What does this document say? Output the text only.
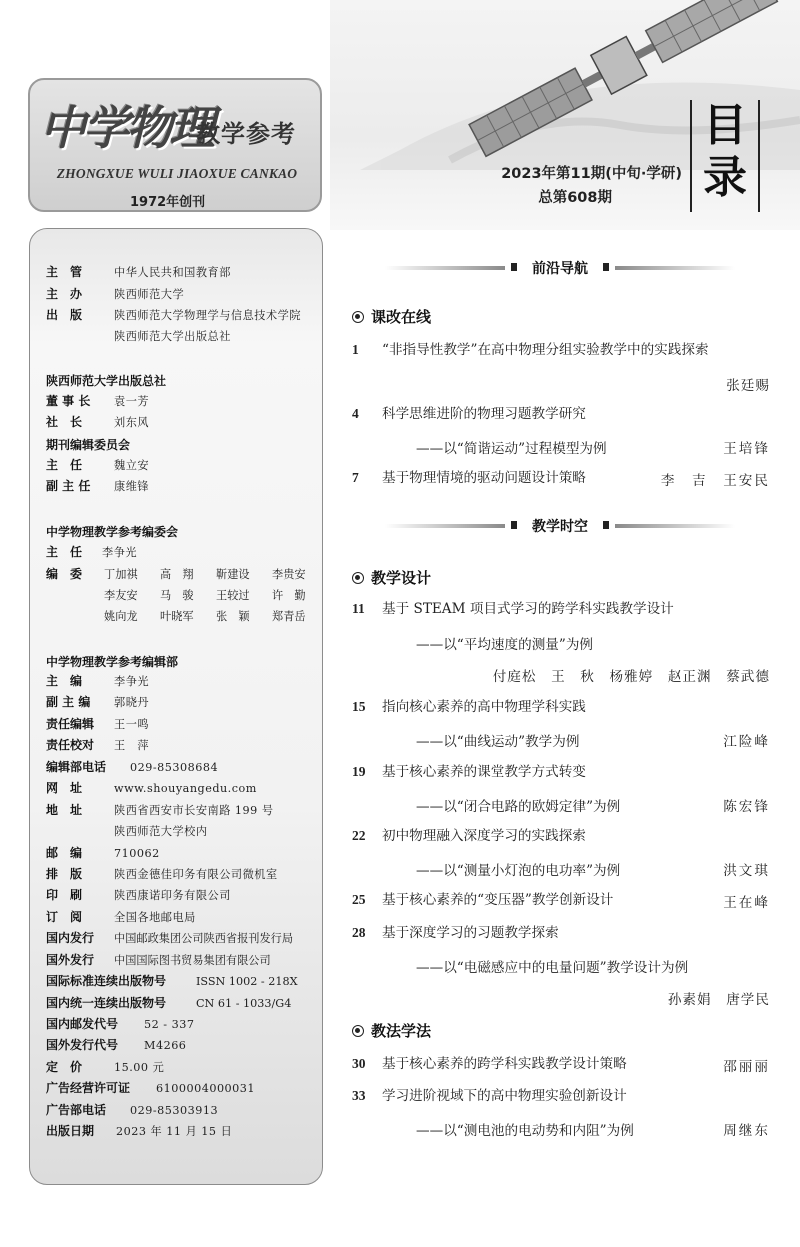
中学物理
教学参考
ZHONGXUE WULI JIAOXUE CANKAO
1972年创刊
2023年第11期(中旬·学研)
总第608期
目
录
主　管	中华人民共和国教育部
主　办	陕西师范大学
出　版	陕西师范大学物理学与信息技术学院
陕西师范大学出版总社
陕西师范大学出版总社
董 事 长 袁一芳
社　长	刘东风
期刊编辑委员会
主　任	魏立安
副 主 任 康维锋
中学物理教学参考编委会
主　任 李争光
编　委	丁加祺 高　翔 靳建设 李贵安
李友安 马　骏 王较过 许　勤
姚向龙 叶晓军 张　颖 郑青岳
中学物理教学参考编辑部
主　编	李争光
副 主 编 郭晓丹
责任编辑 王一鸣
责任校对 王　萍
编辑部电话 029-85308684
网　址	www.shouyangedu.com
地　址	陕西省西安市长安南路 199 号
陕西师范大学校内
邮　编	710062
排　版	陕西金德佳印务有限公司微机室
印　刷	陕西康诺印务有限公司
订　阅	全国各地邮电局
国内发行 中国邮政集团公司陕西省报刊发行局
国外发行 中国国际图书贸易集团有限公司
国际标准连续出版物号	ISSN 1002 - 218X
国内统一连续出版物号	CN 61 - 1033/G4
国内邮发代号 52 - 337
国外发行代号 M4266
定　价	15.00 元
广告经营许可证 6100004000031
广告部电话 029-85303913
出版日期 2023 年 11 月 15 日
前沿导航
课改在线
1 “非指导性教学”在高中物理分组实验教学中的实践探索
张廷赐
4 科学思维进阶的物理习题教学研究
——以“简谐运动”过程模型为例	王培锋
7 基于物理情境的驱动问题设计策略	李　吉　王安民
教学时空
教学设计
11 基于 STEAM 项目式学习的跨学科实践教学设计
——以“平均速度的测量”为例
付庭松　王　秋　杨雅婷　赵正渊　蔡武德
15 指向核心素养的高中物理学科实践
——以“曲线运动”教学为例	江险峰
19 基于核心素养的课堂教学方式转变
——以“闭合电路的欧姆定律”为例	陈宏锋
22 初中物理融入深度学习的实践探索
——以“测量小灯泡的电功率”为例	洪文琪
25 基于核心素养的“变压器”教学创新设计	王在峰
28 基于深度学习的习题教学探索
——以“电磁感应中的电量问题”教学设计为例
孙素娟　唐学民
教法学法
30 基于核心素养的跨学科实践教学设计策略	邵丽丽
33 学习进阶视域下的高中物理实验创新设计
——以“测电池的电动势和内阻”为例	周继东
